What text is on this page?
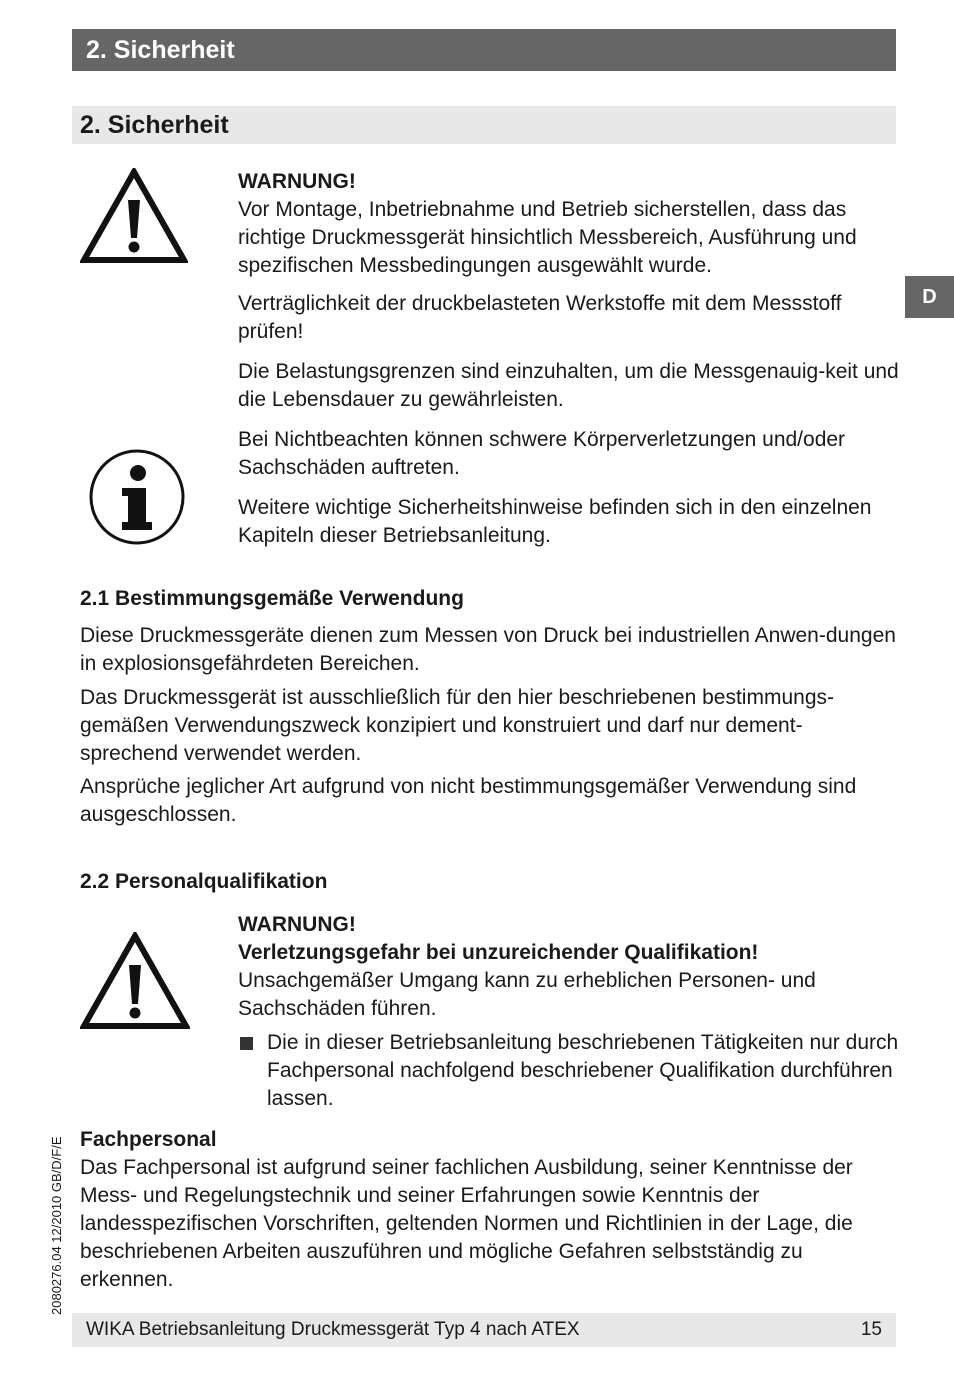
2. Sicherheit
2. Sicherheit
D

WARNUNG!

Vor Montage, Inbetriebnahme und Betrieb sicherstellen, dass das richtige Druckmessgerät hinsichtlich Messbereich, Ausführung und spezifischen Messbedingungen ausgewählt wurde.

Verträglichkeit der druckbelasteten Werkstoffe mit dem Messstoff prüfen!

Die Belastungsgrenzen sind einzuhalten, um die Messgenauig-keit und die Lebensdauer zu gewährleisten.

Bei Nichtbeachten können schwere Körperverletzungen und/oder Sachschäden auftreten.

Weitere wichtige Sicherheitshinweise befinden sich in den einzelnen Kapiteln dieser Betriebsanleitung.

2.1 Bestimmungsgemäße Verwendung

Diese Druckmessgeräte dienen zum Messen von Druck bei industriellen Anwen-dungen in explosionsgefährdeten Bereichen.

Das Druckmessgerät ist ausschließlich für den hier beschriebenen bestimmungs-gemäßen Verwendungszweck konzipiert und konstruiert und darf nur dement-sprechend verwendet werden.

Ansprüche jeglicher Art aufgrund von nicht bestimmungsgemäßer Verwendung sind ausgeschlossen.

2.2 Personalqualifikation

WARNUNG!

Verletzungsgefahr bei unzureichender Qualifikation!

Unsachgemäßer Umgang kann zu erheblichen Personen- und Sachschäden führen.

Die in dieser Betriebsanleitung beschriebenen Tätigkeiten nur durch Fachpersonal nachfolgend beschriebener Qualifikation durchführen lassen.

Fachpersonal

Das Fachpersonal ist aufgrund seiner fachlichen Ausbildung, seiner Kenntnisse der Mess- und Regelungstechnik und seiner Erfahrungen sowie Kenntnis der landesspezifischen Vorschriften, geltenden Normen und Richtlinien in der Lage, die beschriebenen Arbeiten auszuführen und mögliche Gefahren selbstständig zu erkennen.

2080276.04 12/2010 GB/D/F/E
WIKA Betriebsanleitung Druckmessgerät Typ 4 nach ATEX	15
